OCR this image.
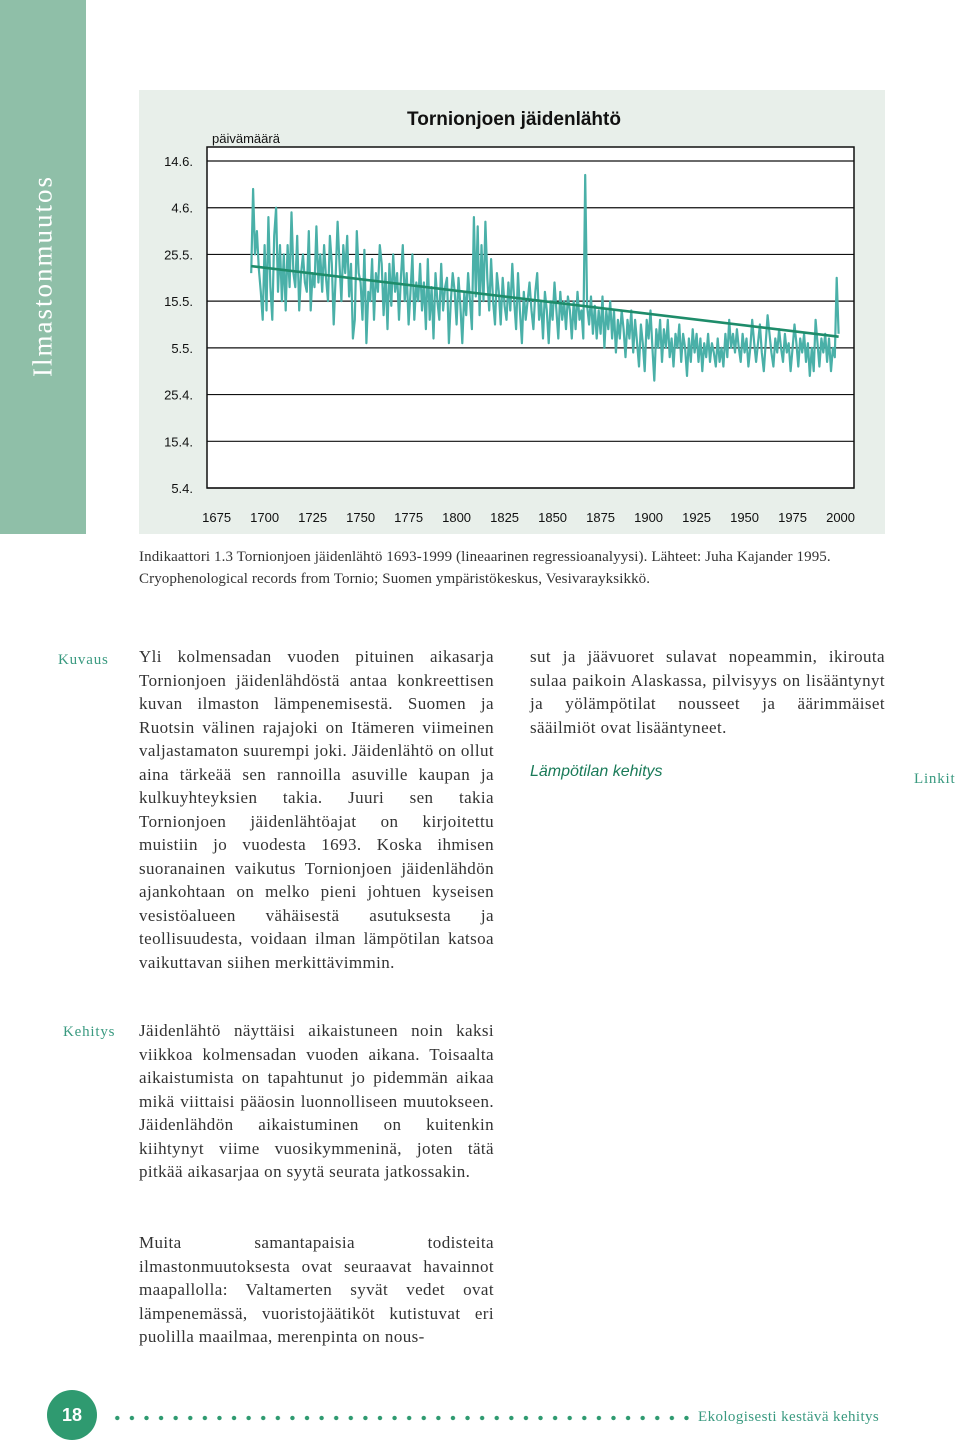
Ilmastonmuutos
14.6.
4.6.
25.5.
15.5.
5.5.
25.4.
15.4.
5.4.
1675 1700 1725 1750 1775 1800 1825 1850 1875 1900 1925 1950 1975 2000
Tornionjoen jäidenlähtö
päivämäärä
Indikaattori 1.3 Tornionjoen jäidenlähtö 1693-1999 (lineaarinen regressioanalyysi). Lähteet: Juha Kajander 1995. Cryophenological records from Tornio; Suomen ympäristökeskus, Vesivarayksikkö.
Kuvaus Yli kolmensadan vuoden pituinen aikasarja Tornionjoen jäidenlähdöstä antaa konkreettisen kuvan ilmaston lämpenemisestä. Suomen ja Ruotsin välinen rajajoki on Itämeren viimeinen valjastamaton suurempi joki. Jäidenlähtö on ollut aina tärkeää sen rannoilla asuville kaupan ja kulkuyhteyksien takia. Juuri sen takia Tornionjoen jäidenlähtöajat on kirjoitettu muistiin jo vuodesta 1693. Koska ihmisen suoranainen vaikutus Tornionjoen jäidenlähdön ajankohtaan on melko pieni johtuen kyseisen vesistöalueen vähäisestä asutuksesta ja teollisuudesta, voidaan ilman lämpötilan katsoa vaikuttavan siihen merkittävimmin.
Kehitys Jäidenlähtö näyttäisi aikaistuneen noin kaksi viikkoa kolmensadan vuoden aikana. Toisaalta aikaistumista on tapahtunut jo pidemmän aikaa mikä viittaisi pääosin luonnolliseen muutokseen. Jäidenlähdön aikaistuminen on kuitenkin kiihtynyt viime vuosikymmeninä, joten tätä pitkää aikasarjaa on syytä seurata jatkossakin.
Muita samantapaisia todisteita ilmastonmuutoksesta ovat seuraavat havainnot maapallolla: Valtamerten syvät vedet ovat lämpenemässä, vuoristojäätiköt kutistuvat eri puolilla maailmaa, merenpinta on nous-
sut ja jäävuoret sulavat nopeammin, ikirouta sulaa paikoin Alaskassa, pilvisyys on lisääntynyt ja yölämpötilat nousseet ja äärimmäiset sääilmiöt ovat lisääntyneet.
Lämpötilan kehitys	Linkit
18	Ekologisesti kestävä kehitys
